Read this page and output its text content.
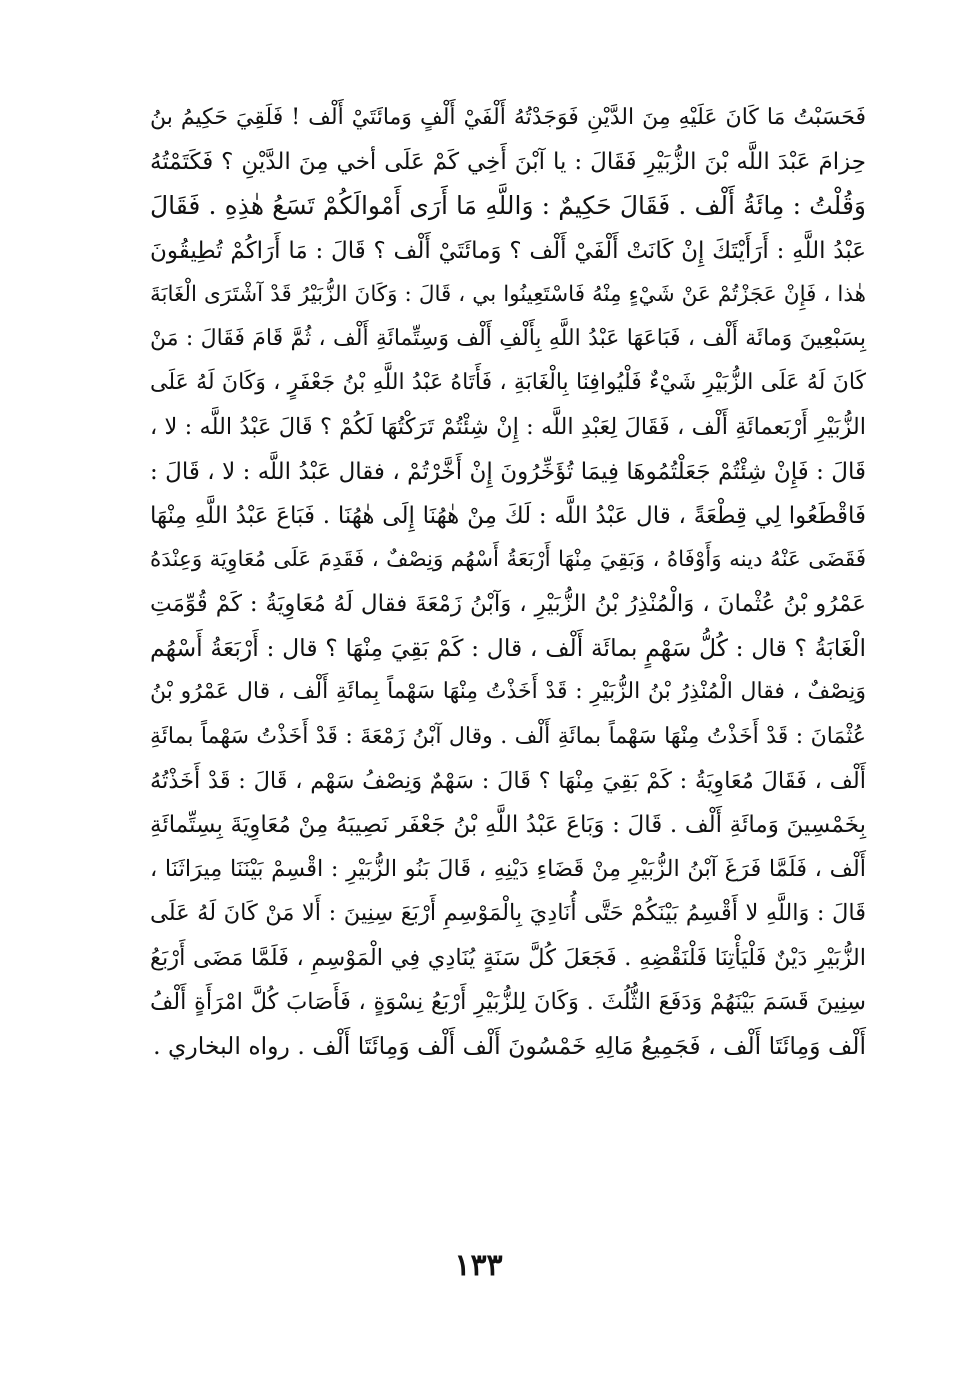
فَحَسَبْتُ مَا كَانَ عَلَيْهِ مِنَ الدَّيْنِ فَوَجَدْتُهُ أَلْفَيْ أَلْفٍ وَمائَتَيْ أَلْف ! فَلَقِيَ حَكِيمُ بنُ
حِزامَ عَبْدَ اللَّه بْنَ الزُّبَيْرِ فَقَالَ : يا آبْنَ أَخِي كَمْ عَلَى أخي مِنَ الدَّيْنِ ؟ فَكَتَمْتُهُ
وَقُلْتُ : مِائَةُ أَلْف . فَقَالَ حَكِيمٌ : وَاللَّهِ مَا أَرَى أَمْوالَكُمْ تَسَعُ هٰذِهِ . فَقَالَ
عَبْدُ اللَّهِ : أَرَأَيْتَكَ إِنْ كَانَتْ أَلْفَيْ أَلْف ؟ وَمائَتَيْ أَلْف ؟ قَالَ : مَا أَرَاكُمْ تُطِيقُونَ
هٰذا ، فَإِنْ عَجَزْتُمْ عَنْ شَيْءٍ مِنْهُ فَاسْتَعِينُوا بي ، قَالَ : وَكَانَ الزُّبَيْرُ قَدْ آشْتَرَى الْغَابَةَ
بِسَبْعِينَ وَمائَة أَلْف ، فَبَاعَهَا عَبْدُ اللَّهِ بِأَلْفِ أَلْف وَسِتِّمائَةِ أَلْف ، ثُمَّ قَامَ فَقَالَ : مَنْ
كَانَ لَهُ عَلَى الزُّبَيْرِ شَيْءٌ فَلْيُوافِنَا بِالْغَابَةِ ، فَأَتَاهُ عَبْدُ اللَّهِ بْنُ جَعْفَرٍ ، وَكَانَ لَهُ عَلَى
الزُّبَيْرِ أَرْبَعمائَةِ أَلْف ، فَقَالَ لِعَبْدِ اللَّه : إِنْ شِئْتُمْ تَرَكْتُهَا لَكُمْ ؟ قَالَ عَبْدُ اللَّه : لا ،
قَالَ : فَإِنْ شِئْتُمْ جَعَلْتُمُوهَا فِيمَا تُؤَخِّرُونَ إِنْ أَخَّرْتُمْ ، فقال عَبْدُ اللَّه : لا ، قَالَ :
فَاقْطَعُوا لِي قِطْعَةً ، قال عَبْدُ اللَّه : لَكَ مِنْ هٰهُنَا إِلَى هٰهُنَا . فَبَاعَ عَبْدُ اللَّهِ مِنْهَا
فَقَضَى عَنْهُ دينه وَأَوْفَاهُ ، وَبَقِيَ مِنْهَا أَرْبَعَةُ أَسْهُم وَنِصْفٌ ، فَقَدِمَ عَلَى مُعَاوِيَة وَعِنْدَهُ
عَمْرُو بْنُ عُثْمانَ ، وَالْمُنْذِرُ بْنُ الزُّبَيْرِ ، وَآبْنُ زَمْعَةَ فقال لَهُ مُعَاوِيَةُ : كَمْ قُوِّمَتِ
الْغَابَةُ ؟ قال : كُلُّ سَهْمٍ بمائَة أَلْف ، قال : كَمْ بَقِيَ مِنْهَا ؟ قال : أَرْبَعَةُ أَسْهُم
وَنِصْفٌ ، فقال الْمُنْذِرُ بْنُ الزُّبَيْرِ : قَدْ أَخَذْتُ مِنْهَا سَهْماً بِمائَةِ أَلْف ، قال عَمْرُو بْنُ
عُثْمَانَ : قَدْ أَخَذْتُ مِنْهَا سَهْماً بمائَةِ أَلْف . وقال آبْنُ زَمْعَةَ : قَدْ أَخَذْتُ سَهْماً بمائَةِ
أَلْف ، فَقَالَ مُعَاوِيَةُ : كَمْ بَقِيَ مِنْهَا ؟ قَالَ : سَهْمٌ وَنِصْفُ سَهْم ، قَالَ : قَدْ أَخَذْتُهُ
بِخَمْسِينَ وَمائَةِ أَلْف . قَالَ : وَبَاعَ عَبْدُ اللَّهِ بْنُ جَعْفَر نَصِيبَهُ مِنْ مُعَاوِيَةَ بِسِتِّمائَةِ
أَلْف ، فَلَمَّا فَرَغَ آبْنُ الزُّبَيْرِ مِنْ قَضَاءِ دَيْنِهِ ، قَالَ بَنُو الزُّبَيْرِ : اقْسِمْ بَيْنَنَا مِيرَاثَنَا ،
قَالَ : وَاللَّهِ لا أَقْسِمُ بَيْنَكُمْ حَتَّى أُنَادِيَ بِالْمَوْسِمِ أَرْبَعَ سِنِينَ : أَلا مَنْ كَانَ لَهُ عَلَى
الزُّبَيْرِ دَيْنٌ فَلْيَأْتِنَا فَلْنَقْضِهِ . فَجَعَلَ كُلَّ سَنَةٍ يُنَادِي فِي الْمَوْسِمِ ، فَلَمَّا مَضَى أَرْبَعُ
سِنِينَ قَسَمَ بَيْنَهُمْ وَدَفَعَ الثُّلُثَ . وَكَانَ لِلزُّبَيْرِ أَرْبَعُ نِسْوَةٍ ، فَأَصَابَ كُلَّ امْرَأَةٍ أَلْفُ
أَلْف وَمِائَتَا أَلْف ، فَجَمِيعُ مَالِهِ خَمْسُونَ أَلْف أَلْف وَمِائَتَا أَلْف . رواه البخاري .
١٣٣
